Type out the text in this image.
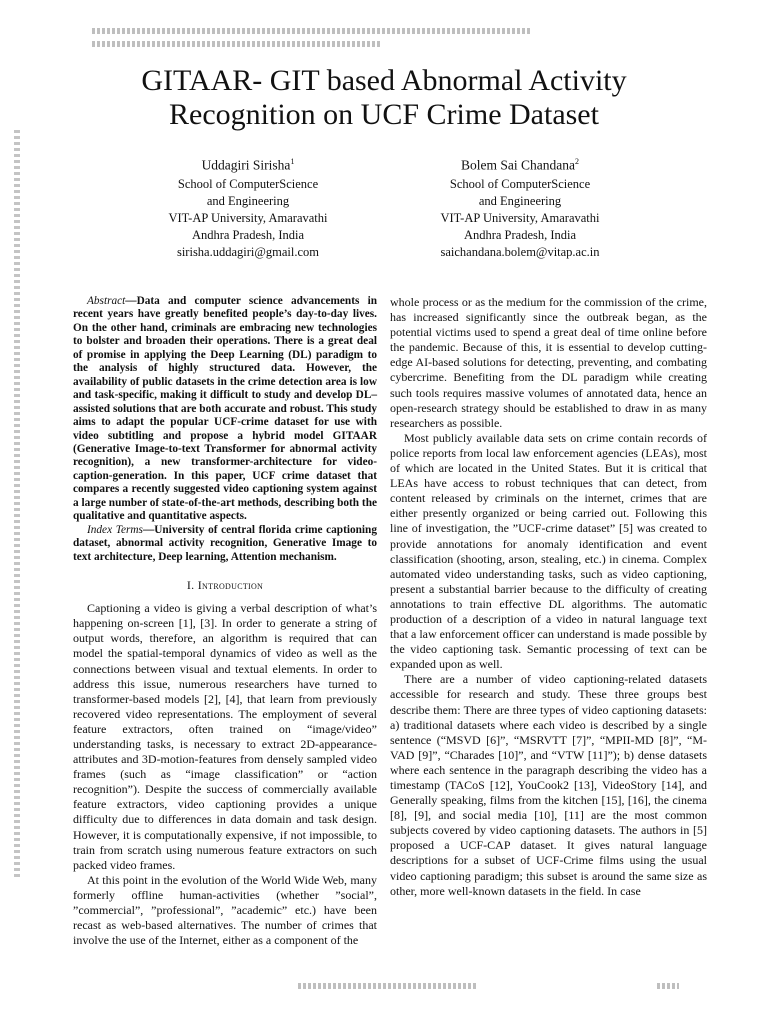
GITAAR- GIT based Abnormal Activity
Recognition on UCF Crime Dataset
Uddagiri Sirisha$^1$
School of ComputerScience
and Engineering
VIT-AP University, Amaravathi
Andhra Pradesh, India
sirisha.uddagiri@gmail.com
Bolem Sai Chandana$^2$
School of ComputerScience
and Engineering
VIT-AP University, Amaravathi
Andhra Pradesh, India
saichandana.bolem@vitap.ac.in

Abstract—Data and computer science advancements in recent years have greatly benefited people’s day-to-day lives. On the other hand, criminals are embracing new technologies to bolster and broaden their operations. There is a great deal of promise in applying the Deep Learning (DL) paradigm to the analysis of highly structured data. However, the availability of public datasets in the crime detection area is low and task-specific, making it difficult to study and develop DL–assisted solutions that are both accurate and robust. This study aims to adapt the popular UCF-crime dataset for use with video subtitling and propose a hybrid model GITAAR (Generative Image-to-text Transformer for abnormal activity recognition), a new transformer-architecture for video-caption-generation. In this paper, UCF crime dataset that compares a recently suggested video captioning system against a large number of state-of-the-art methods, describing both the qualitative and quantitative aspects.

Index Terms—University of central florida crime captioning dataset, abnormal activity recognition, Generative Image to text architecture, Deep learning, Attention mechanism.

I. Introduction

Captioning a video is giving a verbal description of what’s happening on-screen [1], [3]. In order to generate a string of output words, therefore, an algorithm is required that can model the spatial-temporal dynamics of video as well as the connections between visual and textual elements. In order to address this issue, numerous researchers have turned to transformer-based models [2], [4], that learn from previously recovered video representations. The employment of several feature extractors, often trained on “image/video” understanding tasks, is necessary to extract 2D-appearance-attributes and 3D-motion-features from densely sampled video frames (such as “image classification” or “action recognition”). Despite the success of commercially available feature extractors, video captioning provides a unique difficulty due to differences in data domain and task design. However, it is computationally expensive, if not impossible, to train from scratch using numerous feature extractors on such packed video frames.

At this point in the evolution of the World Wide Web, many formerly offline human-activities (whether ”social”, ”commercial”, ”professional”, ”academic” etc.) have been recast as web-based alternatives. The number of crimes that involve the use of the Internet, either as a component of the

whole process or as the medium for the commission of the crime, has increased significantly since the outbreak began, as the potential victims used to spend a great deal of time online before the pandemic. Because of this, it is essential to develop cutting-edge AI-based solutions for detecting, preventing, and combating cybercrime. Benefiting from the DL paradigm while creating such tools requires massive volumes of annotated data, hence an open-research strategy should be established to draw in as many researchers as possible.

Most publicly available data sets on crime contain records of police reports from local law enforcement agencies (LEAs), most of which are located in the United States. But it is critical that LEAs have access to robust techniques that can detect, from content released by criminals on the internet, crimes that are either presently organized or being carried out. Following this line of investigation, the ”UCF-crime dataset” [5] was created to provide annotations for anomaly identification and event classification (shooting, arson, stealing, etc.) in cinema. Complex automated video understanding tasks, such as video captioning, present a substantial barrier because to the difficulty of creating annotations to train effective DL algorithms. The automatic production of a description of a video in natural language text that a law enforcement officer can understand is made possible by the video captioning task. Semantic processing of text can be expanded upon as well.

There are a number of video captioning-related datasets accessible for research and study. These three groups best describe them: There are three types of video captioning datasets: a) traditional datasets where each video is described by a single sentence (“MSVD [6]”, “MSRVTT [7]”, “MPII-MD [8]”, “M-VAD [9]”, “Charades [10]”, and “VTW [11]”); b) dense datasets where each sentence in the paragraph describing the video has a timestamp (TACoS [12], YouCook2 [13], VideoStory [14], and Generally speaking, films from the kitchen [15], [16], the cinema [8], [9], and social media [10], [11] are the most common subjects covered by video captioning datasets. The authors in [5] proposed a UCF-CAP dataset. It gives natural language descriptions for a subset of UCF-Crime films using the usual video captioning paradigm; this subset is around the same size as other, more well-known datasets in the field. In case
